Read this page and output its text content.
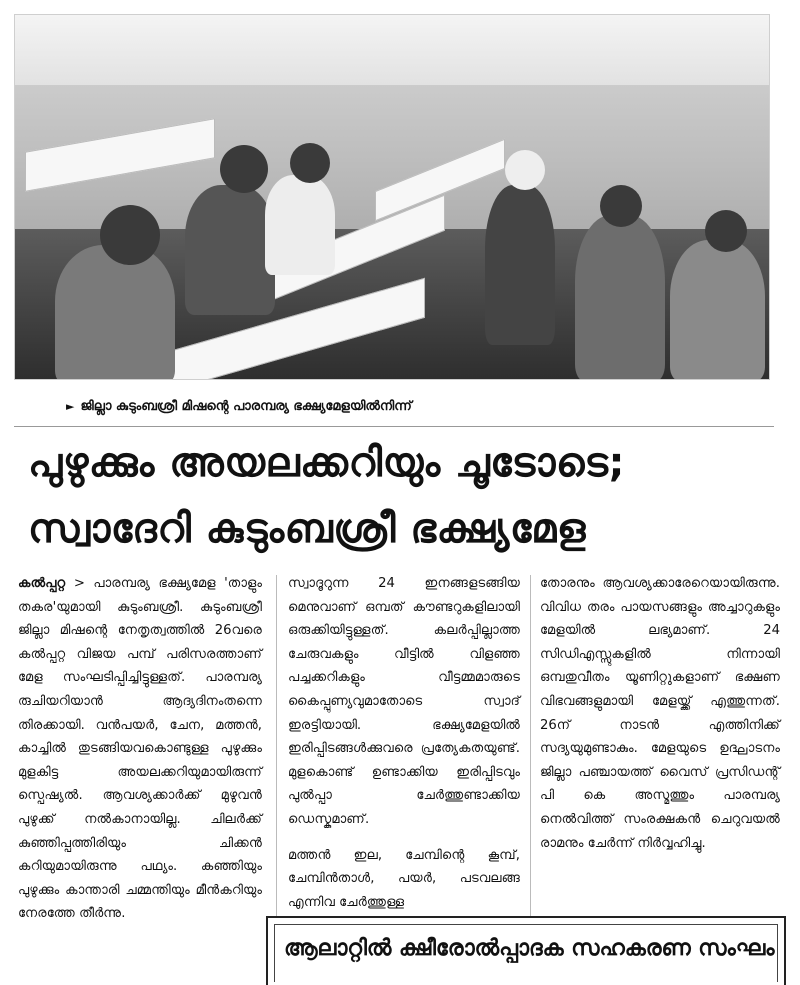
► ജില്ലാ കുടുംബശ്രീ മിഷന്റെ പാരമ്പര്യ ഭക്ഷ്യമേളയിൽനിന്ന്
പുഴുക്കും അയലക്കറിയും ചൂടോടെ;
സ്വാദേറി കുടുംബശ്രീ ഭക്ഷ്യമേള

കൽപ്പറ്റ > പാരമ്പര്യ ഭക്ഷ്യമേള 'താളും തകര'യുമായി കുടുംബശ്രീ. കുടുംബശ്രീ ജില്ലാ മിഷന്റെ നേതൃത്വത്തിൽ 26വരെ കൽപ്പറ്റ വിജയ പമ്പ് പരിസരത്താണ് മേള സംഘടിപ്പിച്ചിട്ടുള്ളത്. പാരമ്പര്യ രുചിയറിയാൻ ആദ്യദിനംതന്നെ തിരക്കായി. വൻപയർ, ചേന, മത്തൻ, കാച്ചിൽ തുടങ്ങിയവകൊണ്ടുള്ള പുഴുക്കും മുളകിട്ട അയലക്കറിയുമായിരുന്ന് സ്പെഷ്യൽ. ആവശ്യക്കാർക്ക് മുഴുവൻ പുഴുക്ക് നൽകാനായില്ല. ചിലർക്ക് കുഞ്ഞിപ്പത്തിരിയും ചിക്കൻ കറിയുമായിരുന്നു പഥ്യം. കഞ്ഞിയും പുഴുക്കും കാന്താരി ചമ്മന്തിയും മീൻകറിയും നേരത്തേ തീർന്നു.

സ്വാദൂറുന്ന 24 ഇനങ്ങളടങ്ങിയ മെനുവാണ് ഒമ്പത് കൗണ്ടറുകളിലായി ഒരുക്കിയിട്ടുള്ളത്. കലർപ്പില്ലാത്ത ചേരുവകളും വീട്ടിൽ വിളഞ്ഞ പച്ചക്കറികളും വീട്ടമ്മമാരുടെ കൈപ്പുണ്യവുമാതോടെ സ്വാദ് ഇരട്ടിയായി. ഭക്ഷ്യമേളയിൽ ഇരിപ്പിടങ്ങൾക്കുവരെ പ്രത്യേകതയുണ്ട്. മുളകൊണ്ട് ഉണ്ടാക്കിയ ഇരിപ്പിടവും പുൽപ്പാ ചേർത്തുണ്ടാക്കിയ ഡെസ്കുമാണ്.

മത്തൻ ഇല, ചേമ്പിന്റെ കൂമ്പ്, ചേമ്പിൻതാൾ, പയർ, പടവലങ്ങ എന്നിവ ചേർത്തുള്ള

തോരനും ആവശ്യക്കാരേറെയായിരുന്നു. വിവിധ തരം പായസങ്ങളും അച്ചാറുകളും മേളയിൽ ലഭ്യമാണ്. 24 സിഡിഎസ്സുകളിൽ നിന്നായി ഒമ്പതുവീതം യൂണിറ്റുകളാണ് ഭക്ഷണ വിഭവങ്ങളുമായി മേളയ്ക്ക് എത്തുന്നത്. 26ന് നാടൻ എത്തിനിക്ക് സദ്യയുമുണ്ടാകും. മേളയുടെ ഉദ്ഘാടനം ജില്ലാ പഞ്ചായത്ത് വൈസ് പ്രസിഡന്റ് പി കെ അസ്മത്തും പാരമ്പര്യ നെൽവിത്ത് സംരക്ഷകൻ ചെറുവയൽ രാമനും ചേർന്ന് നിർവ്വഹിച്ചു.

ആലാറ്റിൽ ക്ഷീരോൽപ്പാദക സഹകരണ സംഘം
